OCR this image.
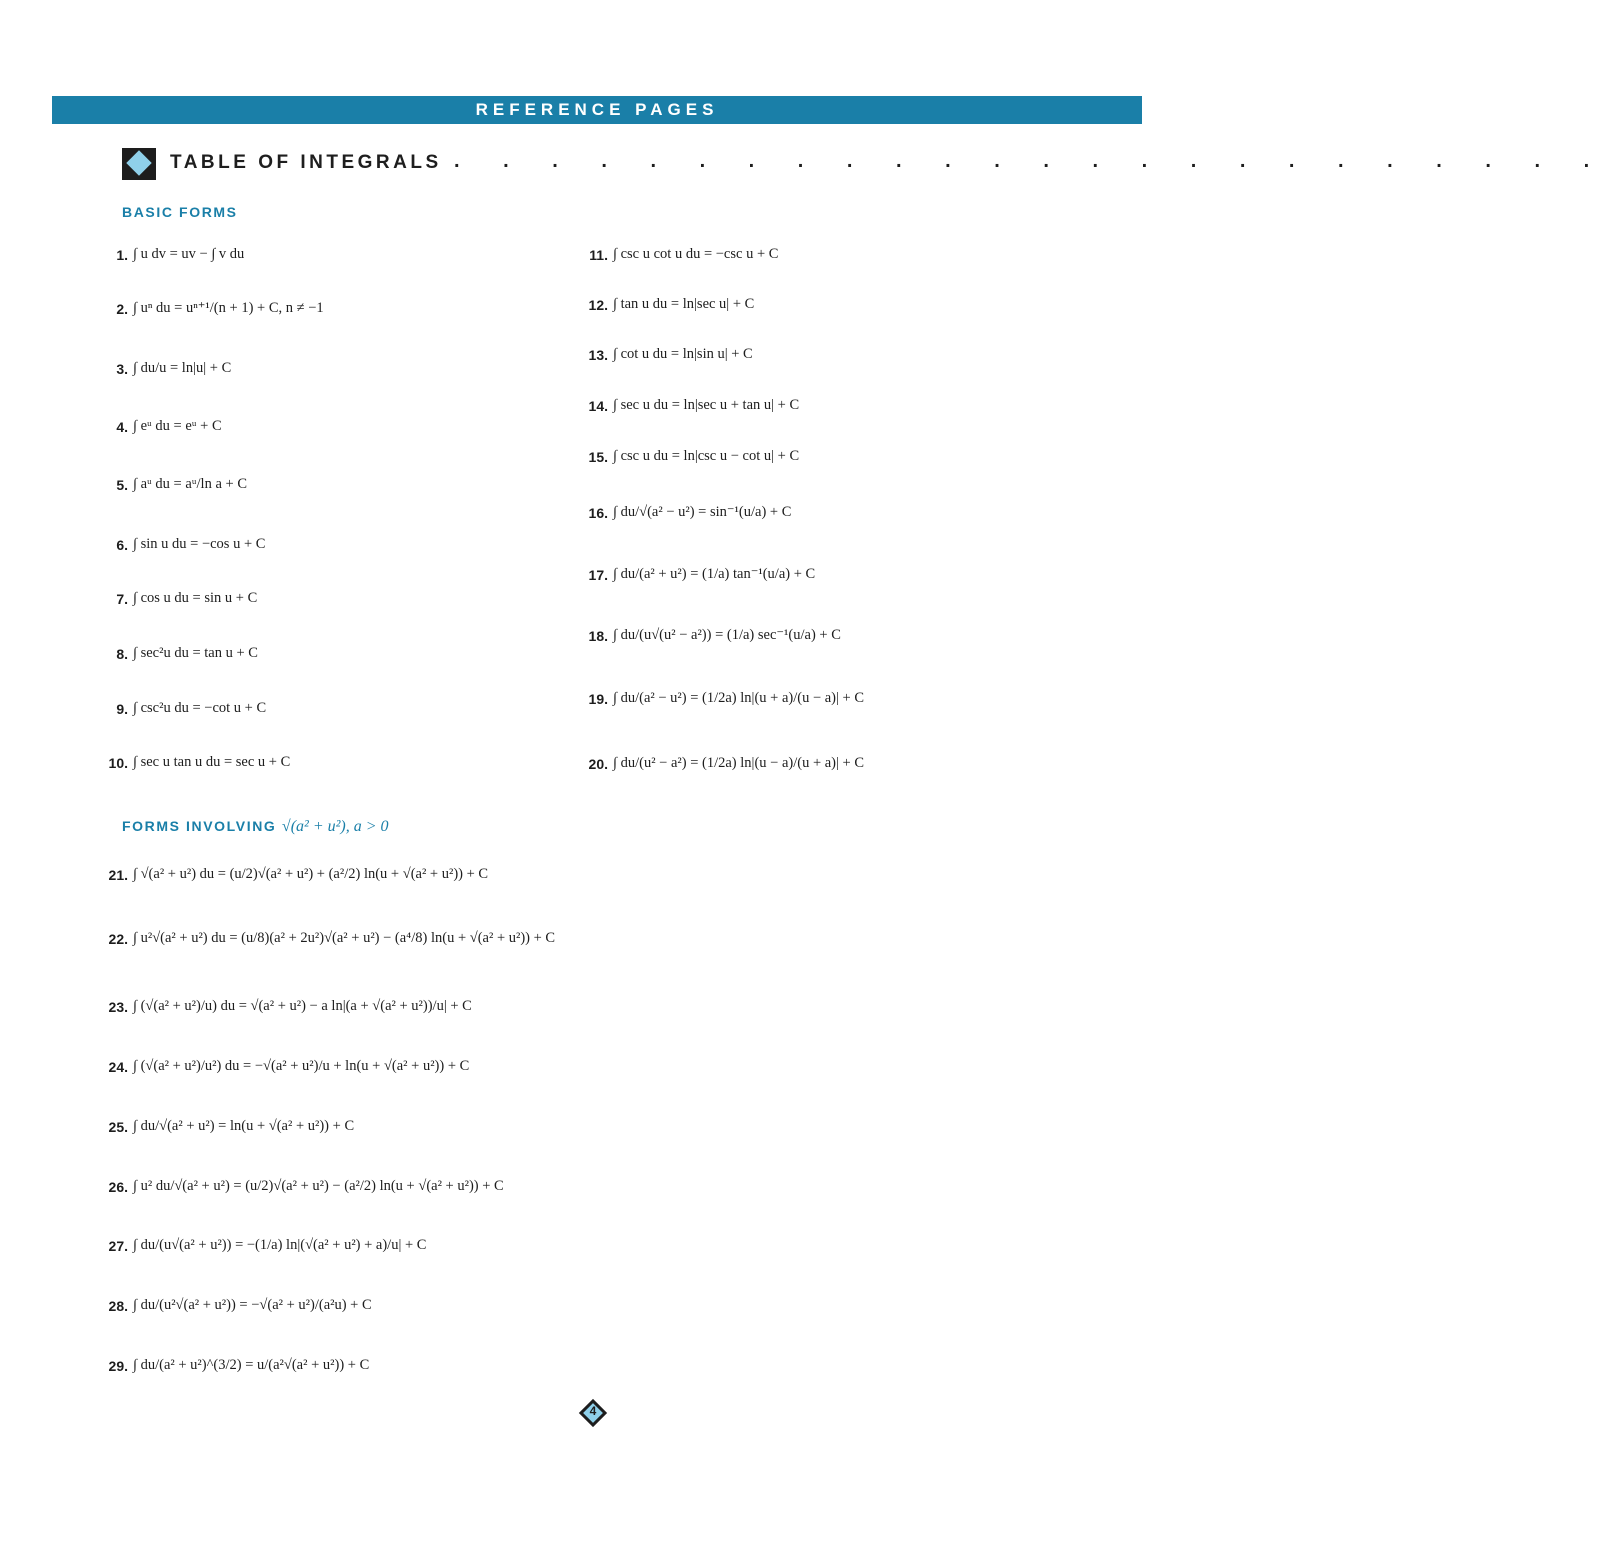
REFERENCE PAGES
TABLE OF INTEGRALS . . . . . . . . . . . . . . . . . . . . . . . .
BASIC FORMS
1. ∫ u dv = uv − ∫ v du
2. ∫ uⁿ du = uⁿ⁺¹/(n + 1) + C, n ≠ −1
3. ∫ du/u = ln|u| + C
4. ∫ eᵘ du = eᵘ + C
5. ∫ aᵘ du = aᵘ/ln a + C
6. ∫ sin u du = −cos u + C
7. ∫ cos u du = sin u + C
8. ∫ sec²u du = tan u + C
9. ∫ csc²u du = −cot u + C
10. ∫ sec u tan u du = sec u + C
11. ∫ csc u cot u du = −csc u + C
12. ∫ tan u du = ln|sec u| + C
13. ∫ cot u du = ln|sin u| + C
14. ∫ sec u du = ln|sec u + tan u| + C
15. ∫ csc u du = ln|csc u − cot u| + C
16. ∫ du/√(a² − u²) = sin⁻¹(u/a) + C
17. ∫ du/(a² + u²) = (1/a) tan⁻¹(u/a) + C
18. ∫ du/(u√(u² − a²)) = (1/a) sec⁻¹(u/a) + C
19. ∫ du/(a² − u²) = (1/2a) ln|(u + a)/(u − a)| + C
20. ∫ du/(u² − a²) = (1/2a) ln|(u − a)/(u + a)| + C
FORMS INVOLVING √(a² + u²), a > 0
21. ∫ √(a² + u²) du = (u/2)√(a² + u²) + (a²/2) ln(u + √(a² + u²)) + C
22. ∫ u²√(a² + u²) du = (u/8)(a² + 2u²)√(a² + u²) − (a⁴/8) ln(u + √(a² + u²)) + C
23. ∫ (√(a² + u²)/u) du = √(a² + u²) − a ln|(a + √(a² + u²))/u| + C
24. ∫ (√(a² + u²)/u²) du = −√(a² + u²)/u + ln(u + √(a² + u²)) + C
25. ∫ du/√(a² + u²) = ln(u + √(a² + u²)) + C
26. ∫ u² du/√(a² + u²) = (u/2)√(a² + u²) − (a²/2) ln(u + √(a² + u²)) + C
27. ∫ du/(u√(a² + u²)) = −(1/a) ln|(√(a² + u²) + a)/u| + C
28. ∫ du/(u²√(a² + u²)) = −√(a² + u²)/(a²u) + C
29. ∫ du/(a² + u²)^(3/2) = u/(a²√(a² + u²)) + C
4
